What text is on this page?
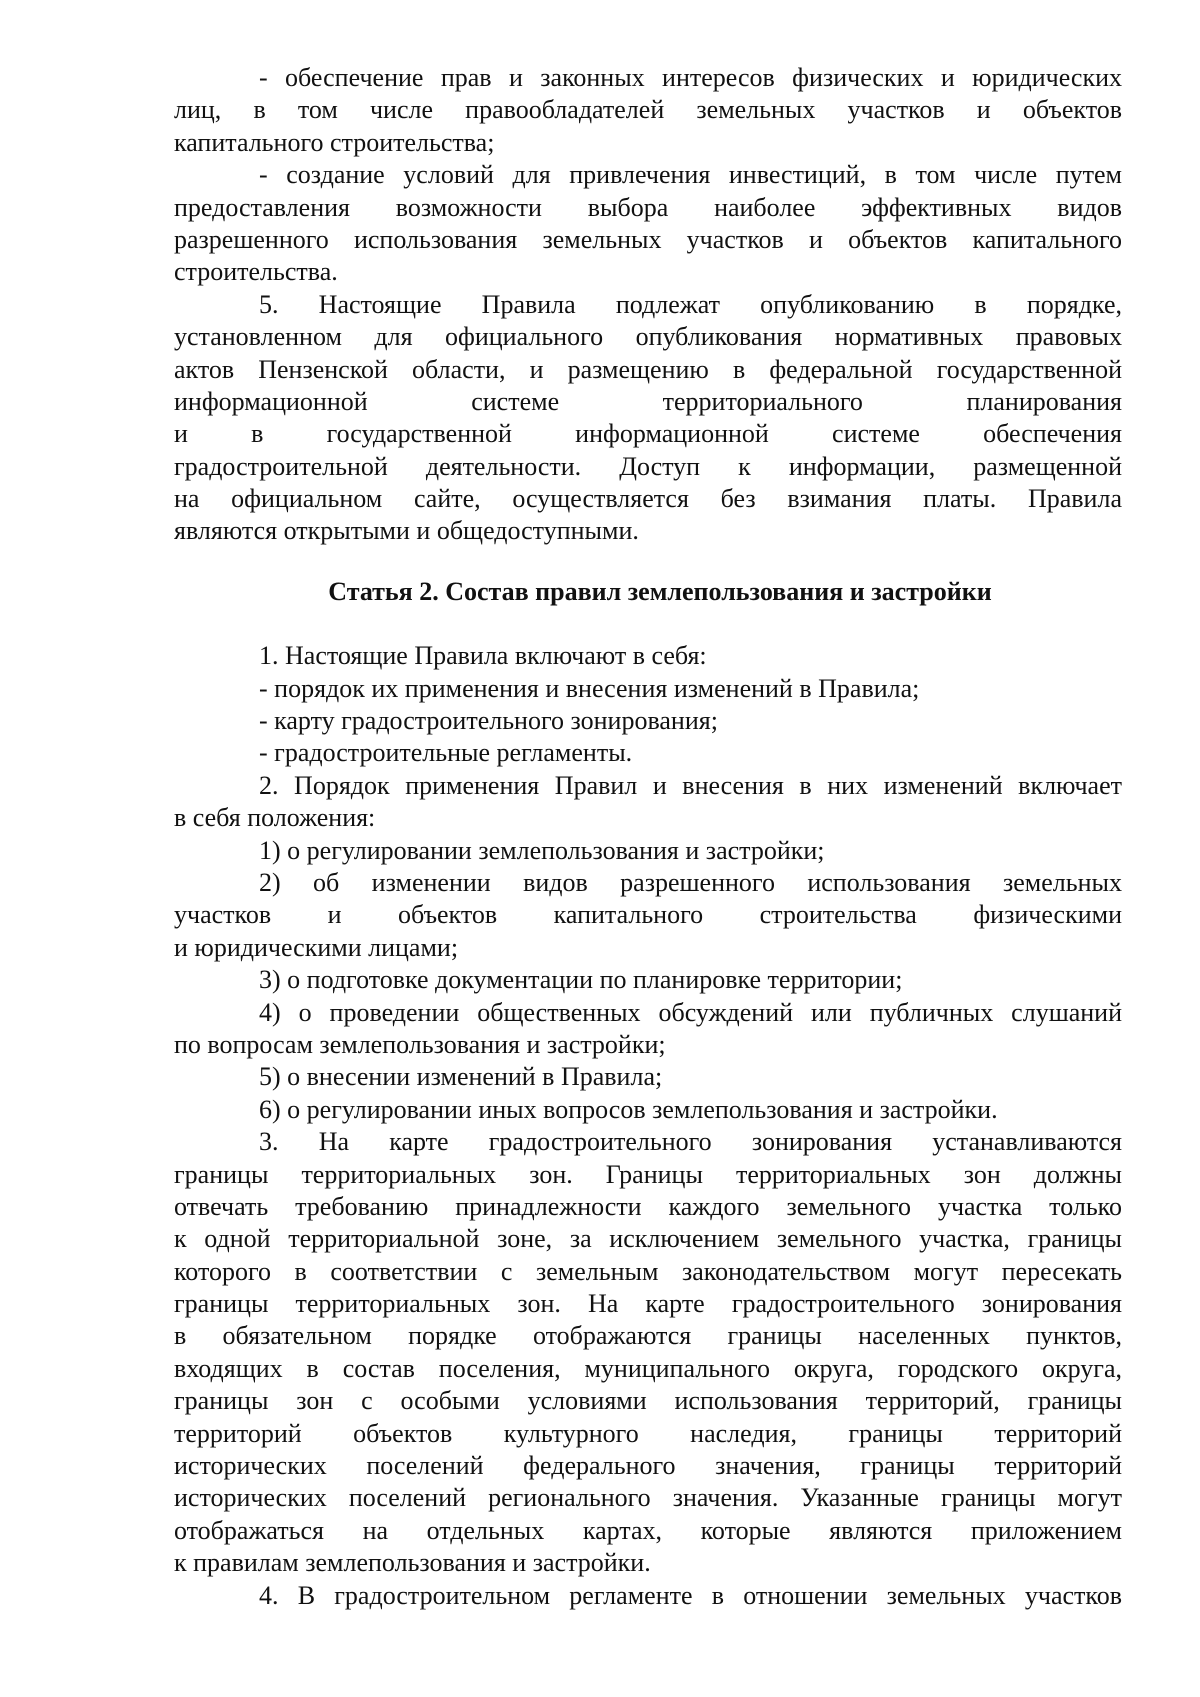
- обеспечение прав и законных интересов физических и юридических
лиц, в том числе правообладателей земельных участков и объектов
капитального строительства;
- создание условий для привлечения инвестиций, в том числе путем
предоставления возможности выбора наиболее эффективных видов
разрешенного использования земельных участков и объектов капитального
строительства.
5. Настоящие Правила подлежат опубликованию в порядке,
установленном для официального опубликования нормативных правовых
актов Пензенской области, и размещению в федеральной государственной
информационной системе территориального планирования
и в государственной информационной системе обеспечения
градостроительной деятельности. Доступ к информации, размещенной
на официальном сайте, осуществляется без взимания платы. Правила
являются открытыми и общедоступными.
Статья 2. Состав правил землепользования и застройки
1. Настоящие Правила включают в себя:
- порядок их применения и внесения изменений в Правила;
- карту градостроительного зонирования;
- градостроительные регламенты.
2. Порядок применения Правил и внесения в них изменений включает
в себя положения:
1) о регулировании землепользования и застройки;
2) об изменении видов разрешенного использования земельных
участков и объектов капитального строительства физическими
и юридическими лицами;
3) о подготовке документации по планировке территории;
4) о проведении общественных обсуждений или публичных слушаний
по вопросам землепользования и застройки;
5) о внесении изменений в Правила;
6) о регулировании иных вопросов землепользования и застройки.
3. На карте градостроительного зонирования устанавливаются
границы территориальных зон. Границы территориальных зон должны
отвечать требованию принадлежности каждого земельного участка только
к одной территориальной зоне, за исключением земельного участка, границы
которого в соответствии с земельным законодательством могут пересекать
границы территориальных зон. На карте градостроительного зонирования
в обязательном порядке отображаются границы населенных пунктов,
входящих в состав поселения, муниципального округа, городского округа,
границы зон с особыми условиями использования территорий, границы
территорий объектов культурного наследия, границы территорий
исторических поселений федерального значения, границы территорий
исторических поселений регионального значения. Указанные границы могут
отображаться на отдельных картах, которые являются приложением
к правилам землепользования и застройки.
4. В градостроительном регламенте в отношении земельных участков
